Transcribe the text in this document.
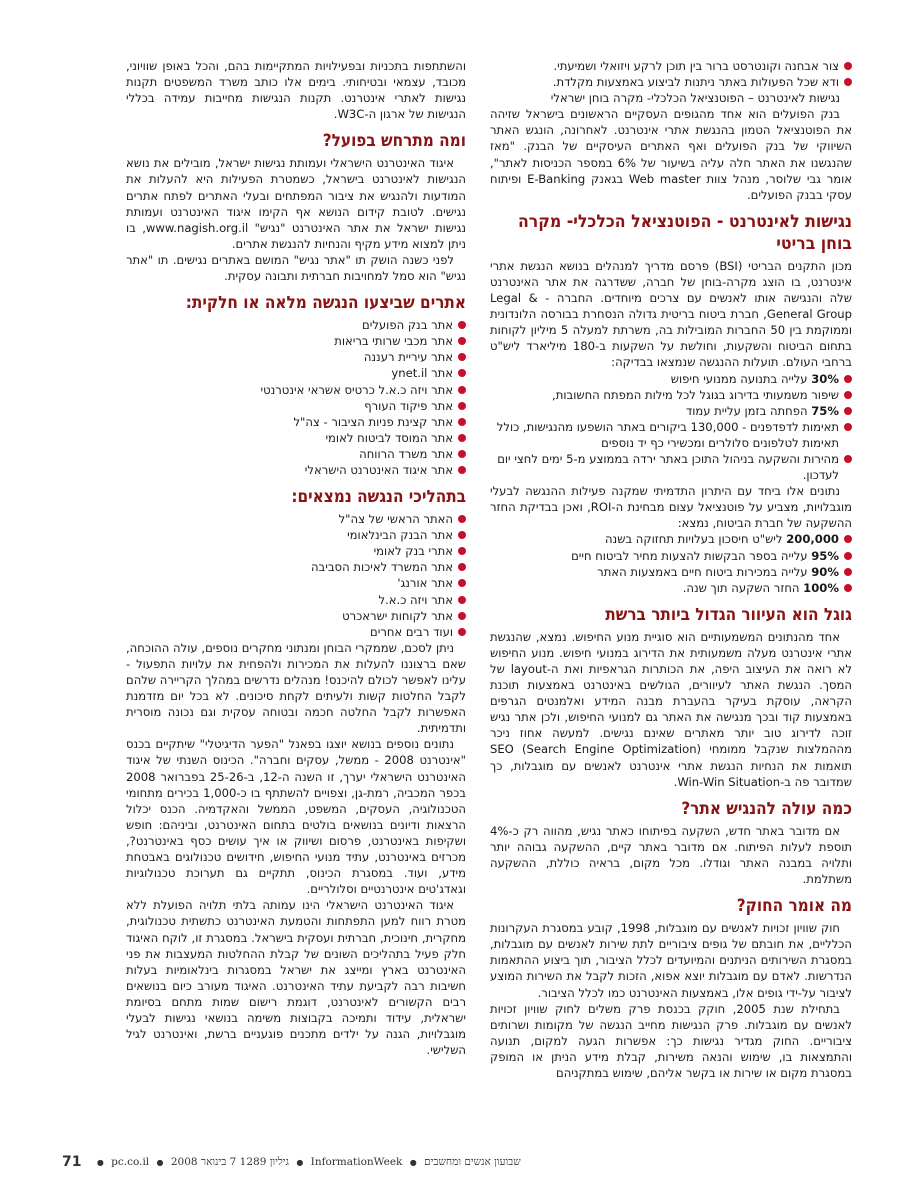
צור אבחנה וקונטרסט ברור בין תוכן לרקע ויזואלי ושמיעתי.
ודא שכל הפעולות באתר ניתנות לביצוע באמצעות מקלדת.

נגישות לאינטרנט – הפוטנציאל הכלכלי- מקרה בוחן ישראלי

בנק הפועלים הוא אחד מהגופים העסקיים הראשונים בישראל שזיהה את הפוטנציאל הטמון בהנגשת אתרי אינטרנט. לאחרונה, הונגש האתר השיווקי של בנק הפועלים ואף האתרים העיסקיים של הבנק. "מאז שהנגשנו את האתר חלה עליה בשיעור של 6% במספר הכניסות לאתר", אומר גבי שלוסר, מנהל צוות Web master בגאנק E-Banking ופיתוח עסקי בבנק הפועלים.

נגישות לאינטרנט - הפוטנציאל הכלכלי- מקרה בוחן בריטי

מכון התקנים הבריטי (BSI) פרסם מדריך למנהלים בנושא הנגשת אתרי אינטרנט, בו הוצג מקרה-בוחן של חברה, ששדרגה את אתר האינטרנט שלה והנגישה אותו לאנשים עם צרכים מיוחדים. החברה - Legal & General Group, חברת ביטוח בריטית גדולה הנסחרת בבורסה הלונדונית וממוקמת בין 50 החברות המובילות בה, משרתת למעלה 5 מיליון לקוחות בתחום הביטוח והשקעות, וחולשת על השקעות ב-180 מיליארד ליש"ט ברחבי העולם. תועלות ההנגשה שנמצאו בבדיקה:

30% עלייה בתנועה ממנועי חיפוש
שיפור משמעותי בדירוג בגוגל לכל מילות המפתח החשובות,
75% הפחתה בזמן עליית עמוד
תאימות לדפדפנים - 130,000 ביקורים באתר הושפעו מהנגישות, כולל תאימות לטלפונים סלולרים ומכשירי כף יד נוספים
מהירות והשקעה בניהול התוכן באתר ירדה בממוצע מ-5 ימים לחצי יום לעדכון.

נתונים אלו ביחד עם היתרון התדמיתי שמקנה פעילות ההנגשה לבעלי מוגבלויות, מצביע על פוטנציאל עצום מבחינת ה-ROI, ואכן בבדיקת החזר ההשקעה של חברת הביטוח, נמצא:

200,000 ליש"ט חיסכון בעלויות תחזוקה בשנה
95% עלייה בספר הבקשות להצעות מחיר לביטוח חיים
90% עלייה במכירות ביטוח חיים באמצעות האתר
100% החזר השקעה תוך שנה.
גוגל הוא העיוור הגדול ביותר ברשת

אחד מהנתונים המשמעותיים הוא סוגיית מנוע החיפוש. נמצא, שהנגשת אתרי אינטרנט מעלה משמעותית את הדירוג במנועי חיפוש. מנוע החיפוש לא רואה את העיצוב היפה, את הכותרות הגראפיות ואת ה-layout של המסך. הנגשת האתר לעיוורים, הגולשים באינטרנט באמצעות תוכנת הקראה, עוסקת בעיקר בהעברת מבנה המידע ואלמנטים הגרפים באמצעות קוד ובכך מנגישה את האתר גם למנועי החיפוש, ולכן אתר נגיש זוכה לדירוג טוב יותר מאתרים שאינם נגישים. למעשה אחוז ניכר מההמלצות שנקבל ממומחי (Search Engine Optimization) SEO תואמות את הנחיות הנגשת אתרי אינטרנט לאנשים עם מוגבלות, כך שמדובר פה ב-Win-Win Situation.

כמה עולה להנגיש אתר?

אם מדובר באתר חדש, השקעה בפיתוחו כאתר נגיש, מהווה רק כ-4% תוספת לעלות הפיתוח. אם מדובר באתר קיים, ההשקעה גבוהה יותר ותלויה במבנה האתר וגודלו. מכל מקום, בראיה כוללת, ההשקעה משתלמת.

מה אומר החוק?

חוק שוויון זכויות לאנשים עם מוגבלות, 1998, קובע במסגרת העקרונות הכלליים, את חובתם של גופים ציבוריים לתת שירות לאנשים עם מוגבלות, במסגרת השירותים הניתנים והמיועדים לכלל הציבור, תוך ביצוע ההתאמות הנדרשות. לאדם עם מוגבלות יוצא אפוא, הזכות לקבל את השירות המוצע לציבור על-ידי גופים אלו, באמצעות האינטרנט כמו לכלל הציבור.

בתחילת שנת 2005, חוקק בכנסת פרק משלים לחוק שוויון זכויות לאנשים עם מוגבלות. פרק הנגישות מחייב הנגשה של מקומות ושרותים ציבוריים. החוק מגדיר נגישות כך: אפשרות הגעה למקום, תנועה והתמצאות בו, שימוש והנאה משירות, קבלת מידע הניתן או המופק במסגרת מקום או שירות או בקשר אליהם, שימוש במתקניהם

והשתתפות בתכניות ובפעילויות המתקיימות בהם, והכל באופן שוויוני, מכובד, עצמאי ובטיחותי. בימים אלו כותב משרד המשפטים תקנות נגישות לאתרי אינטרנט. תקנות הנגישות מחייבות עמידה בכללי הנגישות של ארגון ה-W3C.

ומה מתרחש בפועל?

איגוד האינטרנט הישראלי ועמותת נגישות ישראל, מובילים את נושא הנגישות לאינטרנט בישראל, כשמטרת הפעילות היא להעלות את המודעות ולהנגיש את ציבור המפתחים ובעלי האתרים לפתח אתרים נגישים. לטובת קידום הנושא אף הקימו איגוד האינטרנט ועמותת נגישות ישראל את אתר האינטרנט "נגיש" www.nagish.org.il, בו ניתן למצוא מידע מקיף והנחיות להנגשת אתרים.

לפני כשנה הושק תו "אתר נגיש" המושם באתרים נגישים. תו "אתר נגיש" הוא סמל למחויבות חברתית ותבונה עסקית.

אתרים שביצעו הנגשה מלאה או חלקית:
אתר בנק הפועלים
אתר מכבי שרותי בריאות
אתר עיריית רעננה
אתר ynet.il
אתר ויזה כ.א.ל כרטיס אשראי אינטרנטי
אתר פיקוד העורף
אתר קצינת פניות הציבור - צה"ל
אתר המוסד לביטוח לאומי
אתר משרד הרווחה
אתר איגוד האינטרנט הישראלי
בתהליכי הנגשה נמצאים:
האתר הראשי של צה"ל
אתר הבנק הבינלאומי
אתרי בנק לאומי
אתר המשרד לאיכות הסביבה
אתר אורנג'
אתר ויזה כ.א.ל
אתר לקוחות ישראכרט
ועוד רבים אחרים

ניתן לסכם, שממקרי הבוחן ומנתוני מחקרים נוספים, עולה ההוכחה, שאם ברצוננו להעלות את המכירות ולהפחית את עלויות התפעול - עלינו לאפשר לכולם להיכנס! מנהלים נדרשים במהלך הקריירה שלהם לקבל החלטות קשות ולעיתים לקחת סיכונים. לא בכל יום מזדמנת האפשרות לקבל החלטה חכמה ובטוחה עסקית וגם נכונה מוסרית ותדמיתית.

נתונים נוספים בנושא יוצגו בפאנל "הפער הדיגיטלי" שיתקיים בכנס "אינטרנט 2008 - ממשל, עסקים וחברה". הכינוס השנתי של איגוד האינטרנט הישראלי יערך, זו השנה ה-12, ב-25-26 בפברואר 2008 בכפר המכביה, רמת-גן, וצפויים להשתתף בו כ-1,000 בכירים מתחומי הטכנולוגיה, העסקים, המשפט, הממשל והאקדמיה. הכנס יכלול הרצאות ודיונים בנושאים בולטים בתחום האינטרנט, וביניהם: חופש ושקיפות באינטרנט, פרסום ושיווק או איך עושים כסף באינטרנט?, מכרזים באינטרנט, עתיד מנועי החיפוש, חידושים טכנולוגים באבטחת מידע, ועוד. במסגרת הכינוס, תתקיים גם תערוכת טכנולוגיות וגאדג'טים אינטרנטיים וסלולריים.

איגוד האינטרנט הישראלי הינו עמותה בלתי תלויה הפועלת ללא מטרת רווח למען התפתחות והטמעת האינטרנט כתשתית טכנולוגית, מחקרית, חינוכית, חברתית ועסקית בישראל. במסגרת זו, לוקח האיגוד חלק פעיל בתהליכים השונים של קבלת ההחלטות המעצבות את פני האינטרנט בארץ ומייצג את ישראל במסגרות בינלאומיות בעלות חשיבות רבה לקביעת עתיד האינטרנט. האיגוד מעורב כיום בנושאים רבים הקשורים לאינטרנט, דוגמת רישום שמות מתחם בסיומת ישראלית, עידוד ותמיכה בקבוצות משימה בנושאי נגישות לבעלי מוגבלויות, הגנה על ילדים מתכנים פוגעניים ברשת, ואינטרנט לגיל השלישי.

71 ● pc.co.il ● גיליון 1289 ‎7 בינואר 2008 ● InformationWeek ● שבועון אנשים ומחשבים
